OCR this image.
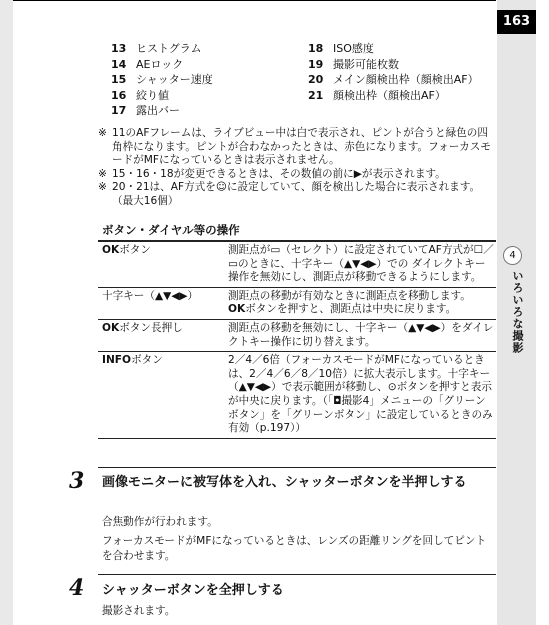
163
4
いろいろな撮影
13 ヒストグラム
14 AEロック
15 シャッター速度
16 絞り値
17 露出バー
18 ISO感度
19 撮影可能枚数
20 メイン顔検出枠（顔検出AF）
21 顔検出枠（顔検出AF）
※ 11のAFフレームは、ライブビュー中は白で表示され、ピントが合うと緑色の四角枠になります。ピントが合わなかったときは、赤色になります。フォーカスモードがMFになっているときは表示されません。
※ 15・16・18が変更できるときは、その数値の前に▶が表示されます。
※ 20・21は、AF方式を☺に設定していて、顔を検出した場合に表示されます。（最大16個）
ボタン・ダイヤル等の操作
OKボタン	測距点が▭（セレクト）に設定されていてAF方式が☐／▭のときに、十字キー（▲▼◀▶）での ダイレクトキー操作を無効にし、測距点が移動できるようにします。
十字キー（▲▼◀▶）	測距点の移動が有効なときに測距点を移動します。
OKボタンを押すと、測距点は中央に戻ります。

OKボタン長押し	測距点の移動を無効にし、十字キー（▲▼◀▶）をダイレクトキー操作に切り替えます。
INFOボタン	2／4／6倍（フォーカスモードがMFになっているときは、2／4／6／8／10倍）に拡大表示します。十字キー（▲▼◀▶）で表示範囲が移動し、⊙ボタンを押すと表示が中央に戻ります。（「◘撮影4」メニューの「グリーンボタン」を「グリーンボタン」に設定しているときのみ有効（p.197））
3 画像モニターに被写体を入れ、シャッターボタンを半押しする
合焦動作が行われます。
フォーカスモードがMFになっているときは、レンズの距離リングを回してピントを合わせます。
4 シャッターボタンを全押しする
撮影されます。
